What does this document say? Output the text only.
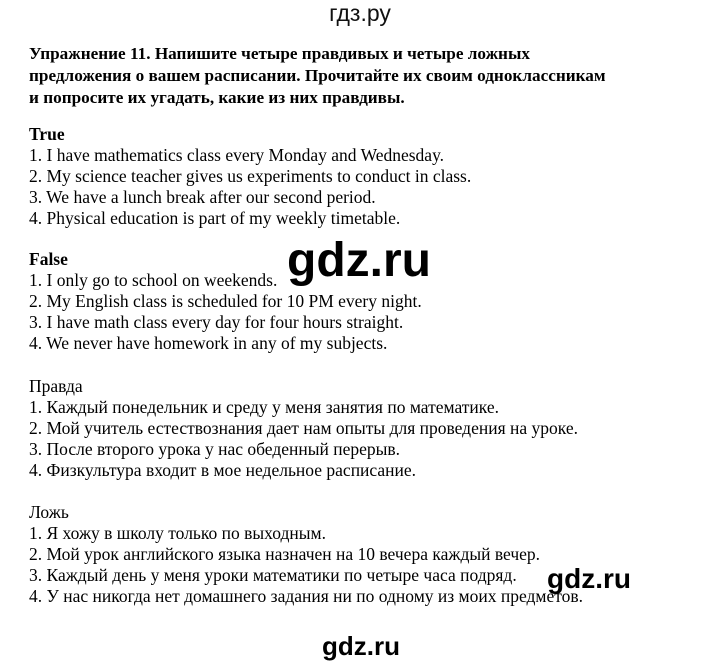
гдз.ру

Упражнение 11. Напишите четыре правдивых и четыре ложных
предложения о вашем расписании. Прочитайте их своим одноклассникам
и попросите их угадать, какие из них правдивы.

True

1. I have mathematics class every Monday and Wednesday.

2. My science teacher gives us experiments to conduct in class.

3. We have a lunch break after our second period.

4. Physical education is part of my weekly timetable.

False

1. I only go to school on weekends.

2. My English class is scheduled for 10 PM every night.

3. I have math class every day for four hours straight.

4. We never have homework in any of my subjects.

Правда

1. Каждый понедельник и среду у меня занятия по математике.

2. Мой учитель естествознания дает нам опыты для проведения на уроке.

3. После второго урока у нас обеденный перерыв.

4. Физкультура входит в мое недельное расписание.

Ложь

1. Я хожу в школу только по выходным.

2. Мой урок английского языка назначен на 10 вечера каждый вечер.

3. Каждый день у меня уроки математики по четыре часа подряд.

4. У нас никогда нет домашнего задания ни по одному из моих предметов.

gdz.ru
gdz.ru
gdz.ru
